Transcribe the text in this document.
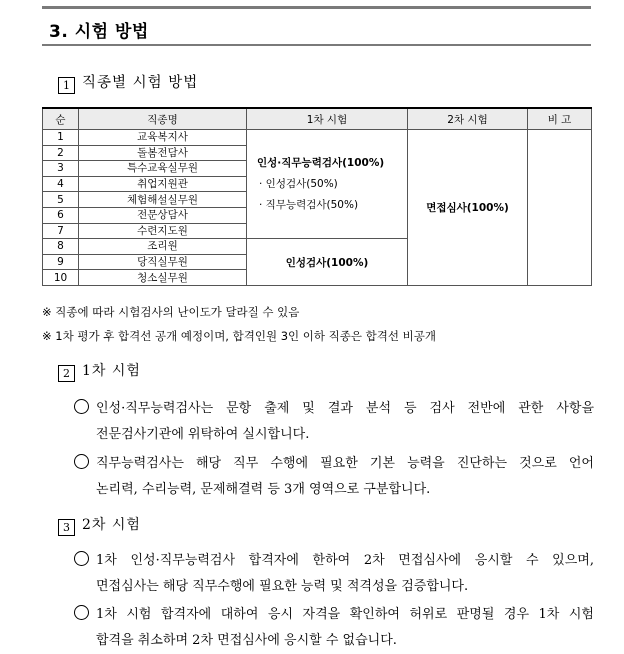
3. 시험 방법
1 직종별 시험 방법
순	직종명	1차 시험	2차 시험	비 고
1	교육복지사	인성·직무능력검사(100%)
· 인성검사(50%)
· 직무능력검사(50%)	면접심사(100%)	
2	돌봄전담사			
3	특수교육실무원			
4	취업지원관			
5	체험해설실무원			
6	전문상담사			
7	수련지도원			
8	조리원	인성검사(100%)		
9	당직실무원			
10	청소실무원			
※ 직종에 따라 시험검사의 난이도가 달라질 수 있음
※ 1차 평가 후 합격선 공개 예정이며, 합격인원 3인 이하 직종은 합격선 비공개
2 1차 시험
인성·직무능력검사는 문항 출제 및 결과 분석 등 검사 전반에 관한 사항을
전문검사기관에 위탁하여 실시합니다.
직무능력검사는 해당 직무 수행에 필요한 기본 능력을 진단하는 것으로 언어
논리력, 수리능력, 문제해결력 등 3개 영역으로 구분합니다.
3 2차 시험
1차 인성·직무능력검사 합격자에 한하여 2차 면접심사에 응시할 수 있으며,
면접심사는 해당 직무수행에 필요한 능력 및 적격성을 검증합니다.
1차 시험 합격자에 대하여 응시 자격을 확인하여 허위로 판명될 경우 1차 시험
합격을 취소하며 2차 면접심사에 응시할 수 없습니다.
